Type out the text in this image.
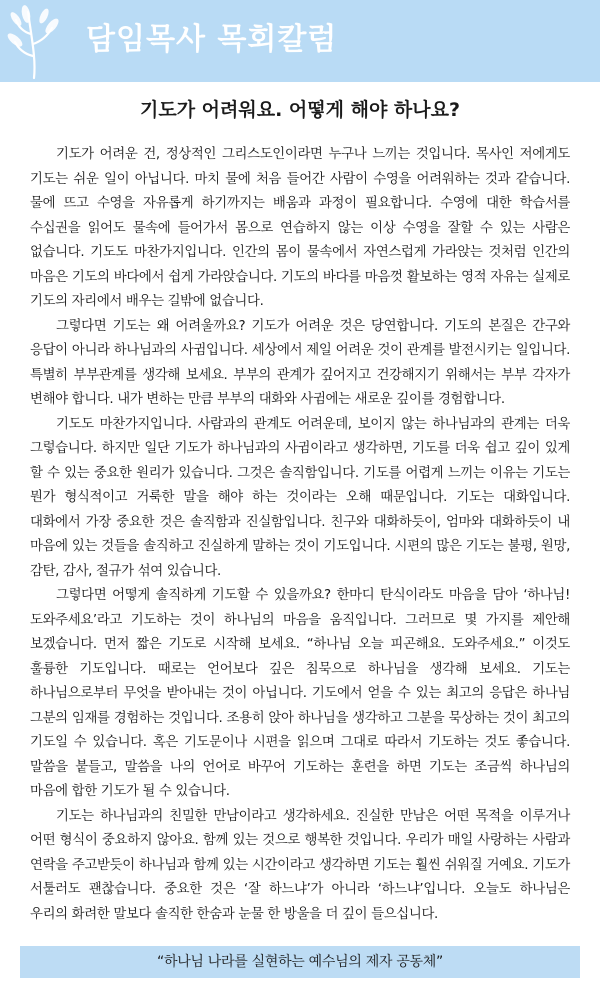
담임목사 목회칼럼
기도가 어려워요. 어떻게 해야 하나요?

기도가 어려운 건, 정상적인 그리스도인이라면 누구나 느끼는 것입니다. 목사인 저에게도 기도는 쉬운 일이 아닙니다. 마치 물에 처음 들어간 사람이 수영을 어려워하는 것과 같습니다. 물에 뜨고 수영을 자유롭게 하기까지는 배움과 과정이 필요합니다. 수영에 대한 학습서를 수십권을 읽어도 물속에 들어가서 몸으로 연습하지 않는 이상 수영을 잘할 수 있는 사람은 없습니다. 기도도 마찬가지입니다. 인간의 몸이 물속에서 자연스럽게 가라앉는 것처럼 인간의 마음은 기도의 바다에서 쉽게 가라앉습니다. 기도의 바다를 마음껏 활보하는 영적 자유는 실제로 기도의 자리에서 배우는 길밖에 없습니다.

그렇다면 기도는 왜 어려울까요? 기도가 어려운 것은 당연합니다. 기도의 본질은 간구와 응답이 아니라 하나님과의 사귐입니다. 세상에서 제일 어려운 것이 관계를 발전시키는 일입니다. 특별히 부부관계를 생각해 보세요. 부부의 관계가 깊어지고 건강해지기 위해서는 부부 각자가 변해야 합니다. 내가 변하는 만큼 부부의 대화와 사귐에는 새로운 깊이를 경험합니다.

기도도 마찬가지입니다. 사람과의 관계도 어려운데, 보이지 않는 하나님과의 관계는 더욱 그렇습니다. 하지만 일단 기도가 하나님과의 사귐이라고 생각하면, 기도를 더욱 쉽고 깊이 있게 할 수 있는 중요한 원리가 있습니다. 그것은 솔직함입니다. 기도를 어렵게 느끼는 이유는 기도는 뭔가 형식적이고 거룩한 말을 해야 하는 것이라는 오해 때문입니다. 기도는 대화입니다. 대화에서 가장 중요한 것은 솔직함과 진실함입니다. 친구와 대화하듯이, 엄마와 대화하듯이 내 마음에 있는 것들을 솔직하고 진실하게 말하는 것이 기도입니다. 시편의 많은 기도는 불평, 원망, 감탄, 감사, 절규가 섞여 있습니다.

그렇다면 어떻게 솔직하게 기도할 수 있을까요? 한마디 탄식이라도 마음을 담아 ‘하나님! 도와주세요’라고 기도하는 것이 하나님의 마음을 움직입니다. 그러므로 몇 가지를 제안해 보겠습니다. 먼저 짧은 기도로 시작해 보세요. “하나님 오늘 피곤해요. 도와주세요.” 이것도 훌륭한 기도입니다. 때로는 언어보다 깊은 침묵으로 하나님을 생각해 보세요. 기도는 하나님으로부터 무엇을 받아내는 것이 아닙니다. 기도에서 얻을 수 있는 최고의 응답은 하나님 그분의 임재를 경험하는 것입니다. 조용히 앉아 하나님을 생각하고 그분을 묵상하는 것이 최고의 기도일 수 있습니다. 혹은 기도문이나 시편을 읽으며 그대로 따라서 기도하는 것도 좋습니다. 말씀을 붙들고, 말씀을 나의 언어로 바꾸어 기도하는 훈련을 하면 기도는 조금씩 하나님의 마음에 합한 기도가 될 수 있습니다.

기도는 하나님과의 친밀한 만남이라고 생각하세요. 진실한 만남은 어떤 목적을 이루거나 어떤 형식이 중요하지 않아요. 함께 있는 것으로 행복한 것입니다. 우리가 매일 사랑하는 사람과 연락을 주고받듯이 하나님과 함께 있는 시간이라고 생각하면 기도는 훨씬 쉬워질 거예요. 기도가 서툴러도 괜찮습니다. 중요한 것은 ‘잘 하느냐’가 아니라 ‘하느냐’입니다. 오늘도 하나님은 우리의 화려한 말보다 솔직한 한숨과 눈물 한 방울을 더 깊이 들으십니다.

“하나님 나라를 실현하는 예수님의 제자 공동체”
